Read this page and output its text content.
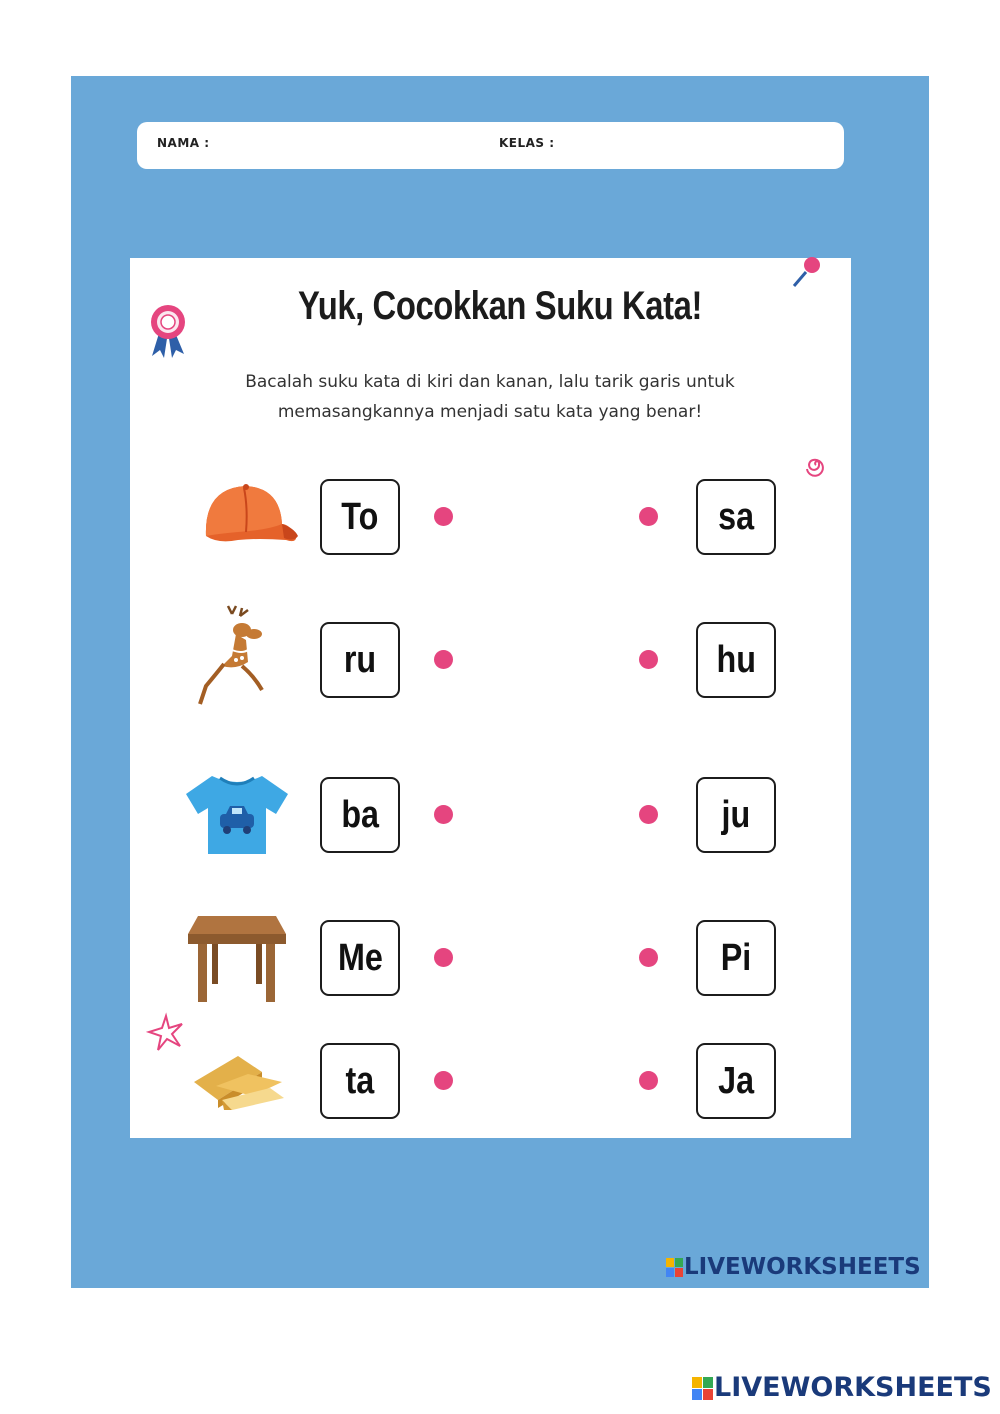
NAMA :	KELAS :
Yuk, Cocokkan Suku Kata!
Bacalah suku kata di kiri dan kanan, lalu tarik garis untuk
memasangkannya menjadi satu kata yang benar!
To	sa
ru	hu
ba	ju
Me	Pi
ta	Ja
LIVEWORKSHEETS
LIVEWORKSHEETS
